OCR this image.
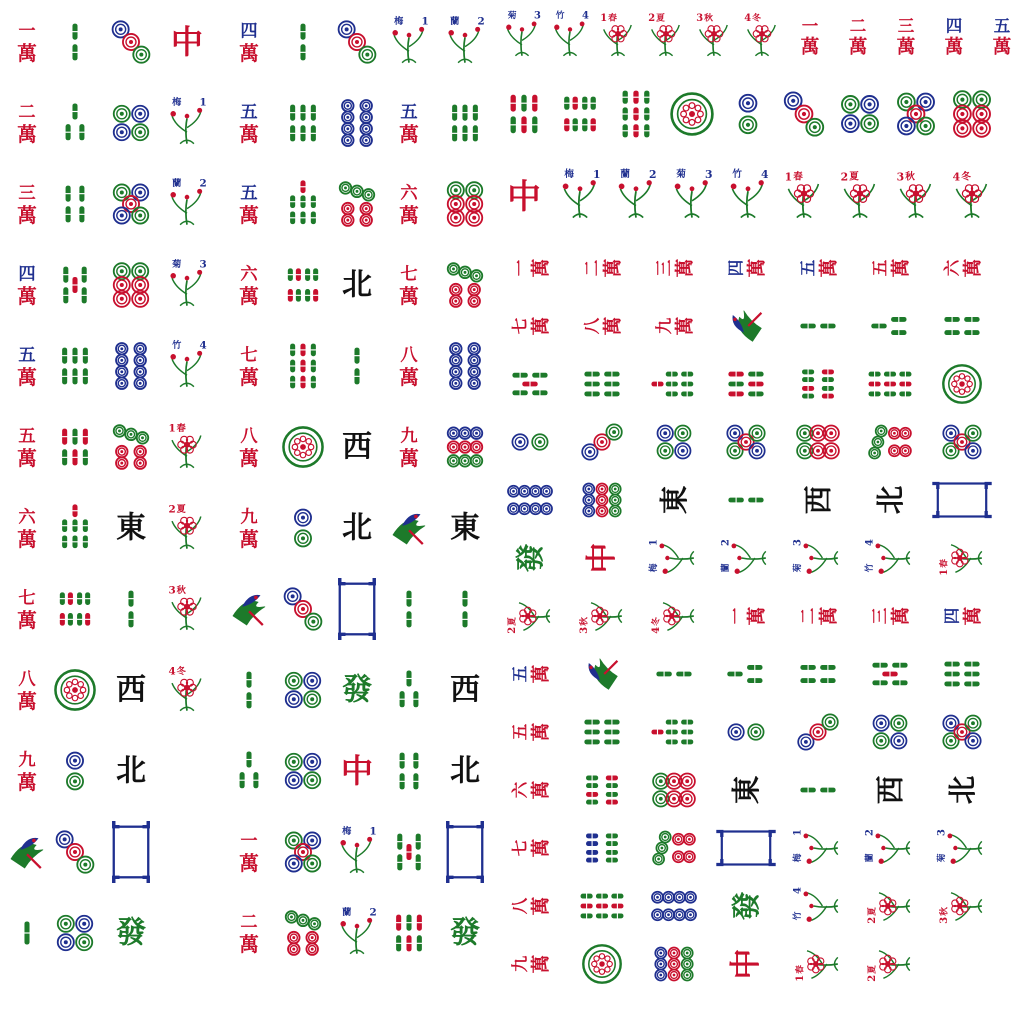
一
萬
二
萬
三
萬
四
萬
五
萬
五
萬
六
萬
七
萬
八
萬
九
萬
東
西
北
發
中
梅 1
蘭 2
菊 3
竹 4
1 春
2 夏
3 秋
4 冬
四
萬
五
萬
五
萬
六
萬
七
萬
八
萬
九
萬
一
萬
二
萬
北
西
北
發
中
梅 1
蘭 2
梅 1
五
萬
六
萬
七
萬
八
萬
九
萬
蘭 2
東
西
北
發
菊 3 竹 4 1 春	2 夏	3 秋	4 冬	一
萬
二
萬
三
萬
四
萬
五
萬
中
梅 1 蘭 2 菊 3 竹 4 1 春	2 夏	3 秋	4 冬
一 萬 二 萬 三 萬 四 萬 五 萬 五 萬 六 萬
七 萬 八 萬 九 萬
東	西 北
發 中	梅
1
蘭
2
菊
3
竹
4
1
春
2
夏
3
秋
4
冬	一 萬 二 萬 三 萬 四 萬
五 萬
五 萬
六 萬	東	西 北
七 萬
梅
1
蘭
2
菊
3
八 萬	發	竹
4
2
夏
3
秋
九 萬	中	1
春
2
夏
